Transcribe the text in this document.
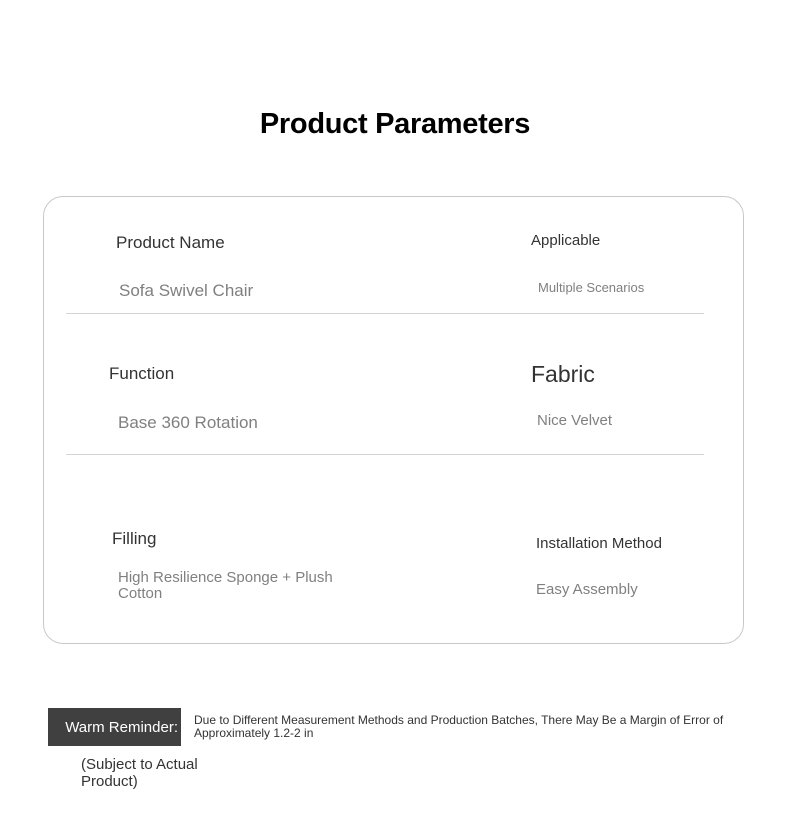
Product Parameters
Product Name
Sofa Swivel Chair
Applicable
Multiple Scenarios
Function
Base 360 Rotation
Fabric
Nice Velvet
Filling
High Resilience Sponge + Plush Cotton
Installation Method
Easy Assembly
Warm Reminder: Due to Different Measurement Methods and Production Batches, There May Be a Margin of Error of Approximately 1.2-2 in
(Subject to Actual Product)
